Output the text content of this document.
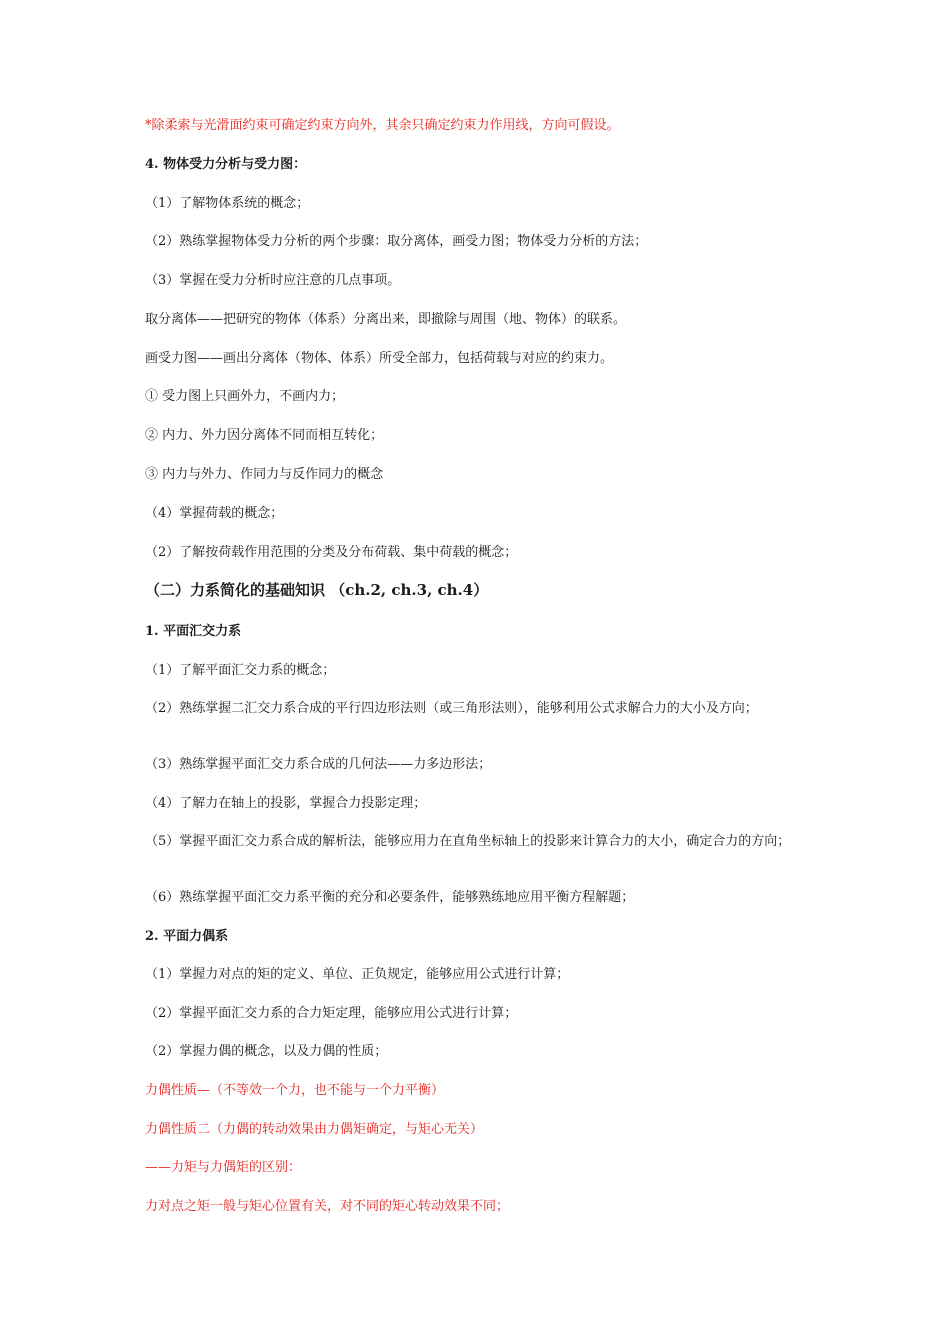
*除柔索与光滑面约束可确定约束方向外，其余只确定约束力作用线，方向可假设。
4. 物体受力分析与受力图：
（1）了解物体系统的概念；
（2）熟练掌握物体受力分析的两个步骤：取分离体，画受力图；物体受力分析的方法；
（3）掌握在受力分析时应注意的几点事项。
取分离体——把研究的物体（体系）分离出来，即撤除与周围（地、物体）的联系。
画受力图——画出分离体（物体、体系）所受全部力，包括荷载与对应的约束力。
① 受力图上只画外力，不画内力；
② 内力、外力因分离体不同而相互转化；
③ 内力与外力、作同力与反作同力的概念
（4）掌握荷载的概念；
（2）了解按荷载作用范围的分类及分布荷载、集中荷载的概念；
（二）力系简化的基础知识 （ch.2, ch.3, ch.4）
1. 平面汇交力系
（1）了解平面汇交力系的概念；
（2）熟练掌握二汇交力系合成的平行四边形法则（或三角形法则），能够利用公式求解合力的大小及方向；
（3）熟练掌握平面汇交力系合成的几何法——力多边形法；
（4）了解力在轴上的投影，掌握合力投影定理；
（5）掌握平面汇交力系合成的解析法，能够应用力在直角坐标轴上的投影来计算合力的大小，确定合力的方向；
（6）熟练掌握平面汇交力系平衡的充分和必要条件，能够熟练地应用平衡方程解题；
2. 平面力偶系
（1）掌握力对点的矩的定义、单位、正负规定，能够应用公式进行计算；
（2）掌握平面汇交力系的合力矩定理，能够应用公式进行计算；
（2）掌握力偶的概念，以及力偶的性质；
力偶性质—（不等效一个力，也不能与一个力平衡）
力偶性质二（力偶的转动效果由力偶矩确定，与矩心无关）
——力矩与力偶矩的区别：
力对点之矩一般与矩心位置有关，对不同的矩心转动效果不同；
